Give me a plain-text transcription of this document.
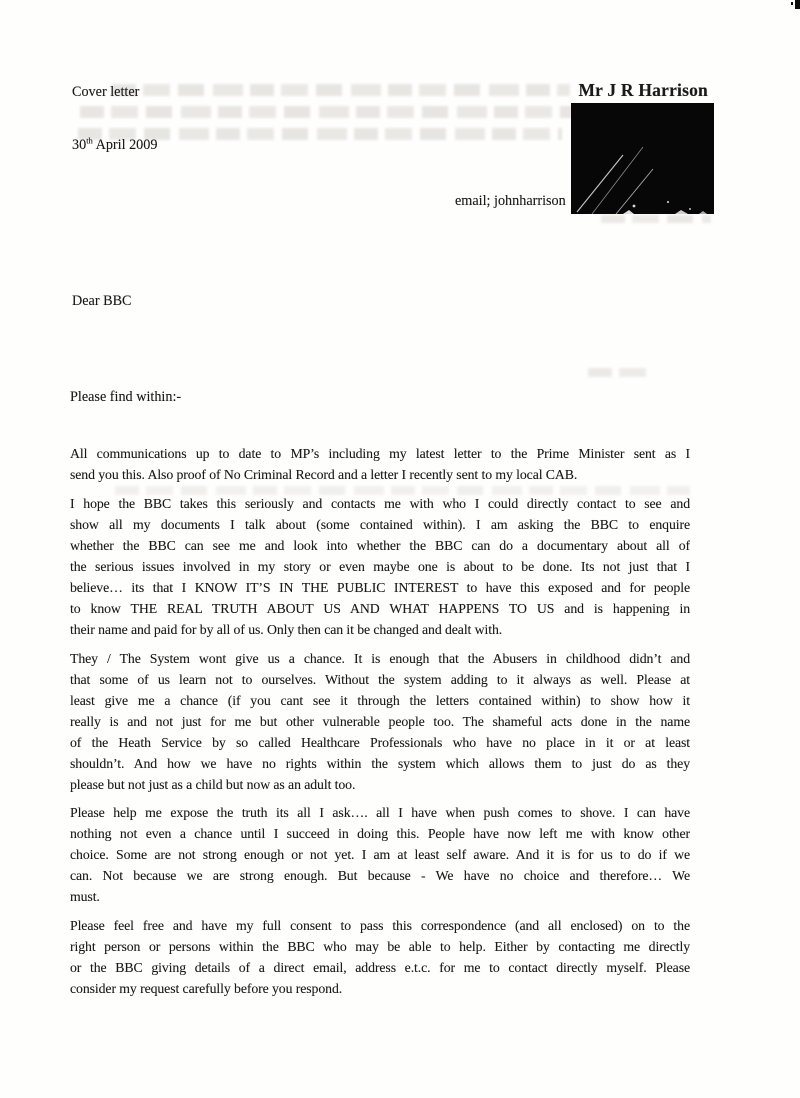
Cover letter	Mr J R Harrison
30th April 2009
email; johnharrison
Dear BBC
Please find within:-
All communications up to date to MP’s including my latest letter to the Prime Minister sent as I
send you this. Also proof of No Criminal Record and a letter I recently sent to my local CAB.
I hope the BBC takes this seriously and contacts me with who I could directly contact to see and
show all my documents I talk about (some contained within). I am asking the BBC to enquire
whether the BBC can see me and look into whether the BBC can do a documentary about all of
the serious issues involved in my story or even maybe one is about to be done. Its not just that I
believe… its that I KNOW IT’S IN THE PUBLIC INTEREST to have this exposed and for people
to know THE REAL TRUTH ABOUT US AND WHAT HAPPENS TO US and is happening in
their name and paid for by all of us. Only then can it be changed and dealt with.
They / The System wont give us a chance. It is enough that the Abusers in childhood didn’t and
that some of us learn not to ourselves. Without the system adding to it always as well. Please at
least give me a chance (if you cant see it through the letters contained within) to show how it
really is and not just for me but other vulnerable people too. The shameful acts done in the name
of the Heath Service by so called Healthcare Professionals who have no place in it or at least
shouldn’t. And how we have no rights within the system which allows them to just do as they
please but not just as a child but now as an adult too.
Please help me expose the truth its all I ask…. all I have when push comes to shove. I can have
nothing not even a chance until I succeed in doing this. People have now left me with know other
choice. Some are not strong enough or not yet. I am at least self aware. And it is for us to do if we
can. Not because we are strong enough. But because - We have no choice and therefore… We
must.
Please feel free and have my full consent to pass this correspondence (and all enclosed) on to the
right person or persons within the BBC who may be able to help. Either by contacting me directly
or the BBC giving details of a direct email, address e.t.c. for me to contact directly myself. Please
consider my request carefully before you respond.
